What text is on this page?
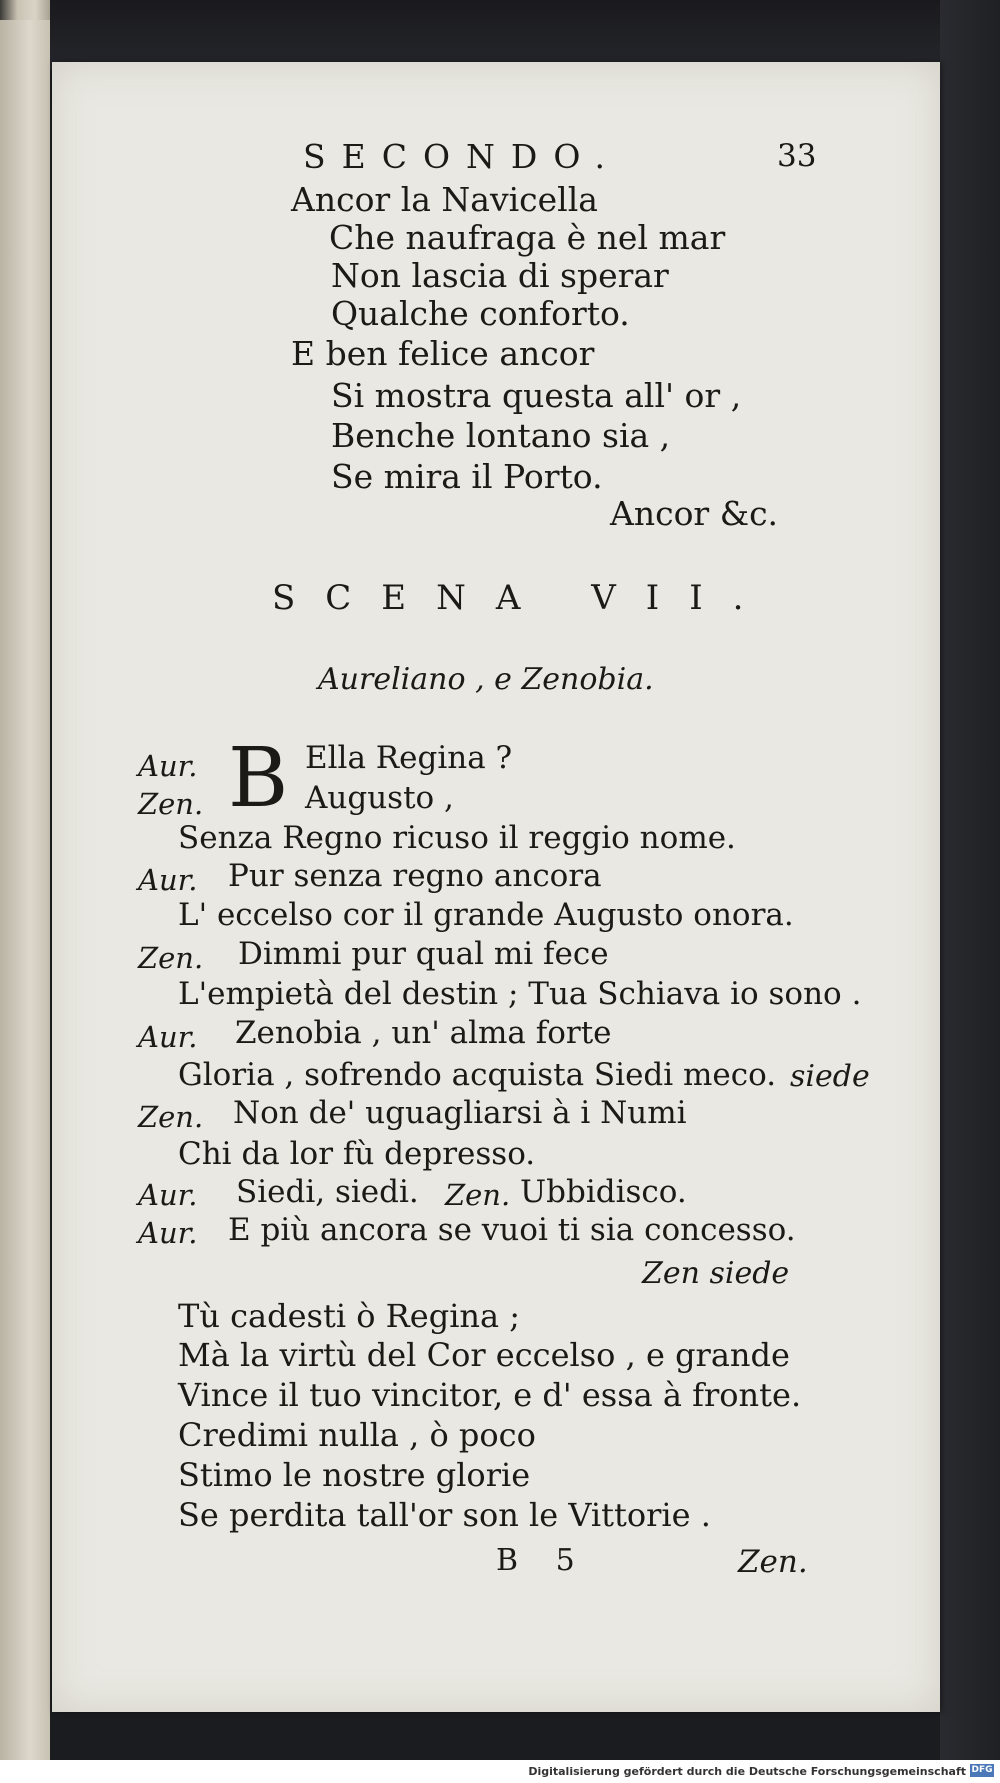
SECONDO.	33
Ancor la Navicella
Che naufraga è nel mar
Non lascia di sperar
Qualche conforto.
E ben felice ancor
Si mostra questa all' or ,
Benche lontano sia ,
Se mira il Porto.
Ancor &c.
SCENA VII.
Aureliano , e Zenobia.
B
Aur.	Ella Regina ?
Zen.	Augusto ,
Senza Regno ricuso il reggio nome.
Aur. Pur senza regno ancora
L' eccelso cor il grande Augusto onora.
Zen. Dimmi pur qual mi fece
L'empietà del destin ; Tua Schiava io sono .
Aur. Zenobia , un' alma forte
Gloria , sofrendo acquista Siedi meco. siede
Zen. Non de' uguagliarsi à i Numi
Chi da lor fù depresso.
Aur. Siedi, siedi. Zen. Ubbidisco.
Aur. E più ancora se vuoi ti sia concesso.
Zen siede
Tù cadesti ò Regina ;
Mà la virtù del Cor eccelso , e grande
Vince il tuo vincitor, e d' essa à fronte.
Credimi nulla , ò poco
Stimo le nostre glorie
Se perdita tall'or son le Vittorie .
B 5	Zen.
Digitalisierung gefördert durch die Deutsche Forschungsgemeinschaft DFG
